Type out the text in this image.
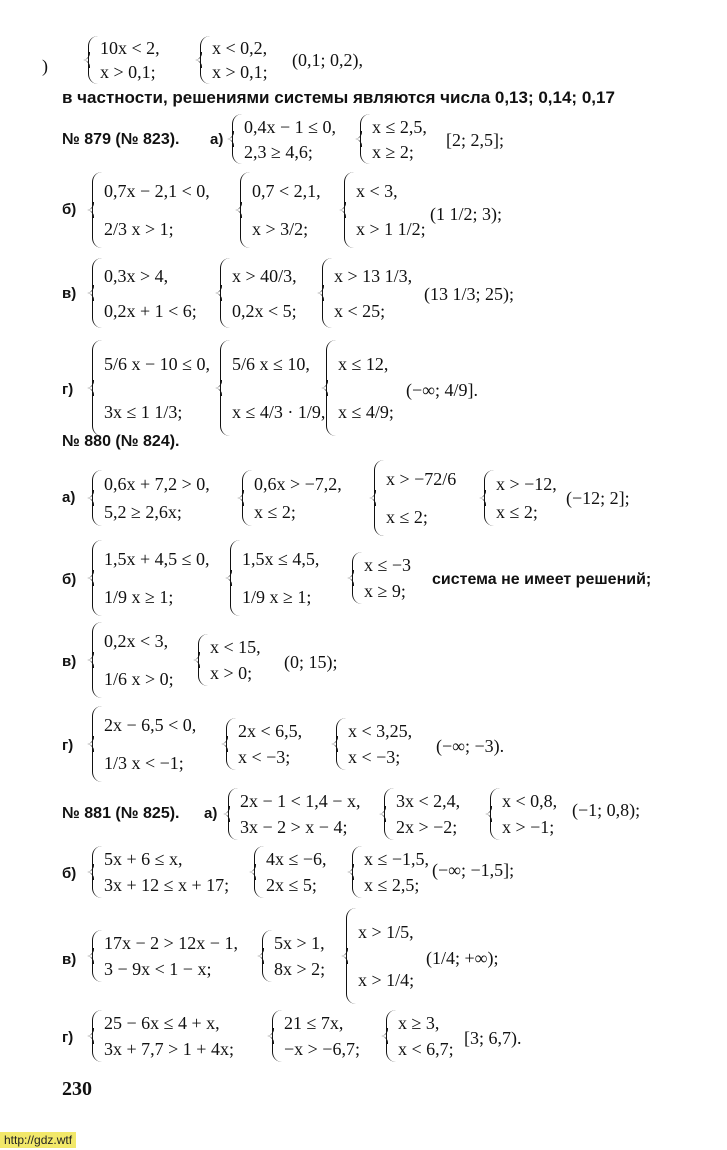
)
10x < 2,
x > 0,1;
x < 0,2,
x > 0,1;
(0,1; 0,2),
в частности, решениями системы являются числа 0,13; 0,14; 0,17
№ 879 (№ 823). а)
0,4x − 1 ≤ 0,
2,3 ≥ 4,6;
x ≤ 2,5,
x ≥ 2;
[2; 2,5];
б)
0,7x − 2,1 < 0,
2/3 x > 1;
0,7 < 2,1,
x > 3/2;
x < 3,
x > 1 1/2;
(1 1/2; 3);
в)
0,3x > 4,
0,2x + 1 < 6;
x > 40/3,
0,2x < 5;
x > 13 1/3,
x < 25;
(13 1/3; 25);
г)
5/6 x − 10 ≤ 0,
3x ≤ 1 1/3;
5/6 x ≤ 10,
x ≤ 4/3 · 1/9,
x ≤ 12,
x ≤ 4/9;
(−∞; 4/9].
№ 880 (№ 824).
а)
0,6x + 7,2 > 0,
5,2 ≥ 2,6x;
0,6x > −7,2,
x ≤ 2;
x > −72/6
x ≤ 2;
x > −12,
x ≤ 2;
(−12; 2];
б)
1,5x + 4,5 ≤ 0,
1/9 x ≥ 1;
1,5x ≤ 4,5,
1/9 x ≥ 1;
x ≤ −3
x ≥ 9;
система не имеет решений;
в)
0,2x < 3,
1/6 x > 0;
x < 15,
x > 0;
(0; 15);
г)
2x − 6,5 < 0,
1/3 x < −1;
2x < 6,5,
x < −3;
x < 3,25,
x < −3;
(−∞; −3).
№ 881 (№ 825). а)
2x − 1 < 1,4 − x,
3x − 2 > x − 4;
3x < 2,4,
2x > −2;
x < 0,8,
x > −1;
(−1; 0,8);
б)
5x + 6 ≤ x,
3x + 12 ≤ x + 17;
4x ≤ −6,
2x ≤ 5;
x ≤ −1,5,
x ≤ 2,5;
(−∞; −1,5];
в)
17x − 2 > 12x − 1,
3 − 9x < 1 − x;
5x > 1,
8x > 2;
x > 1/5,
x > 1/4;
(1/4; +∞);
г)
25 − 6x ≤ 4 + x,
3x + 7,7 > 1 + 4x;
21 ≤ 7x,
−x > −6,7;
x ≥ 3,
x < 6,7;
[3; 6,7).
230
http://gdz.wtf
